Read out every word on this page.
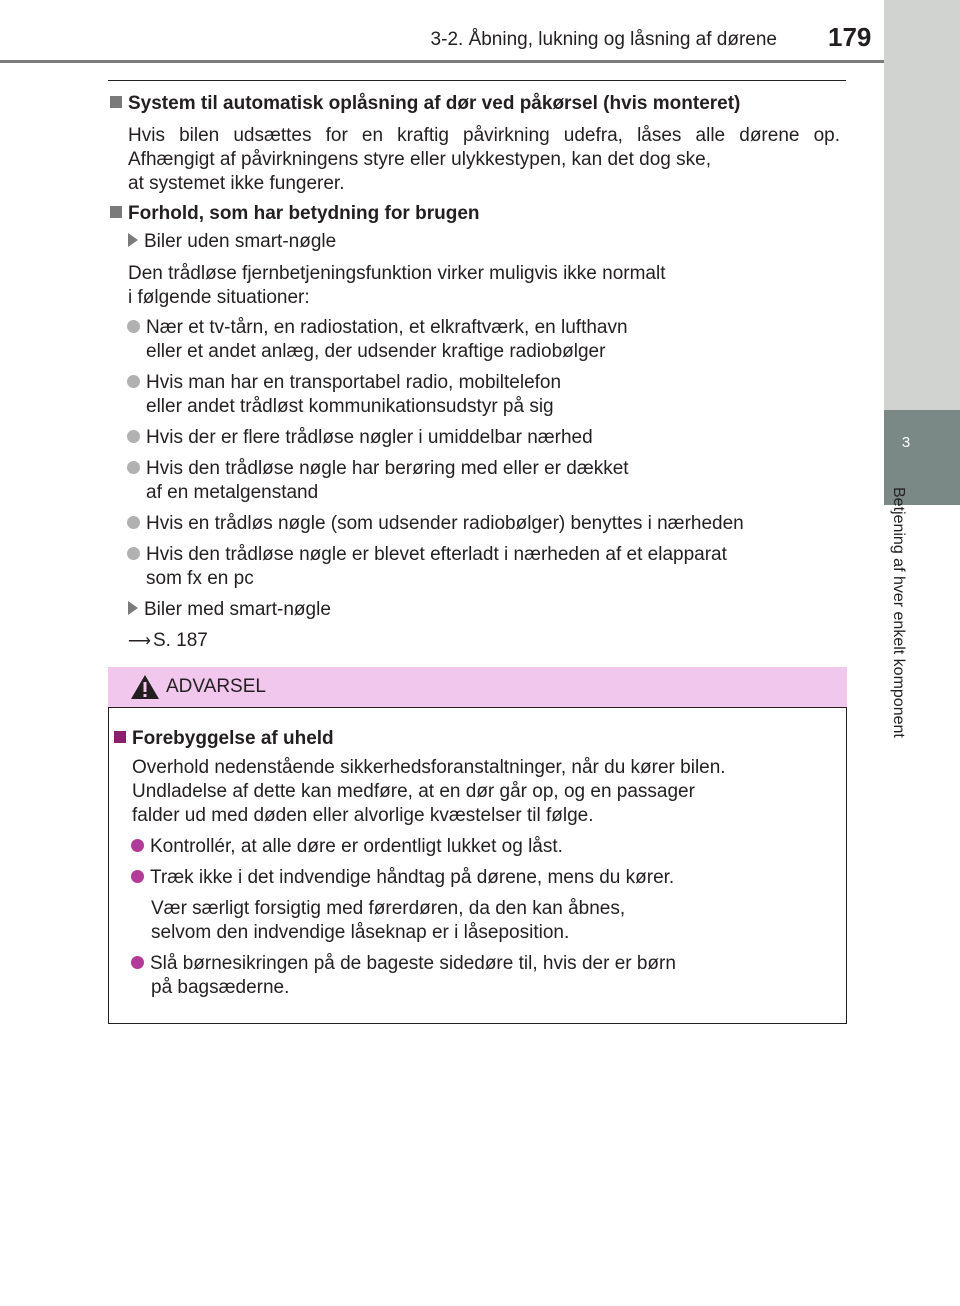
3-2. Åbning, lukning og låsning af dørene 179
3
Betjening af hver enkelt komponent
System til automatisk oplåsning af dør ved påkørsel (hvis monteret)
Hvis bilen udsættes for en kraftig påvirkning udefra, låses alle dørene op.
Afhængigt af påvirkningens styre eller ulykkestypen, kan det dog ske,
at systemet ikke fungerer.
Forhold, som har betydning for brugen
Biler uden smart-nøgle
Den trådløse fjernbetjeningsfunktion virker muligvis ikke normalt
i følgende situationer:
Nær et tv-tårn, en radiostation, et elkraftværk, en lufthavn
eller et andet anlæg, der udsender kraftige radiobølger
Hvis man har en transportabel radio, mobiltelefon
eller andet trådløst kommunikationsudstyr på sig
Hvis der er flere trådløse nøgler i umiddelbar nærhed
Hvis den trådløse nøgle har berøring med eller er dækket
af en metalgenstand
Hvis en trådløs nøgle (som udsender radiobølger) benyttes i nærheden
Hvis den trådløse nøgle er blevet efterladt i nærheden af et elapparat
som fx en pc
Biler med smart-nøgle
⟶ S. 187
ADVARSEL
Forebyggelse af uheld
Overhold nedenstående sikkerhedsforanstaltninger, når du kører bilen.
Undladelse af dette kan medføre, at en dør går op, og en passager
falder ud med døden eller alvorlige kvæstelser til følge.
Kontrollér, at alle døre er ordentligt lukket og låst.
Træk ikke i det indvendige håndtag på dørene, mens du kører.
Vær særligt forsigtig med førerdøren, da den kan åbnes,
selvom den indvendige låseknap er i låseposition.
Slå børnesikringen på de bageste sidedøre til, hvis der er børn
på bagsæderne.
